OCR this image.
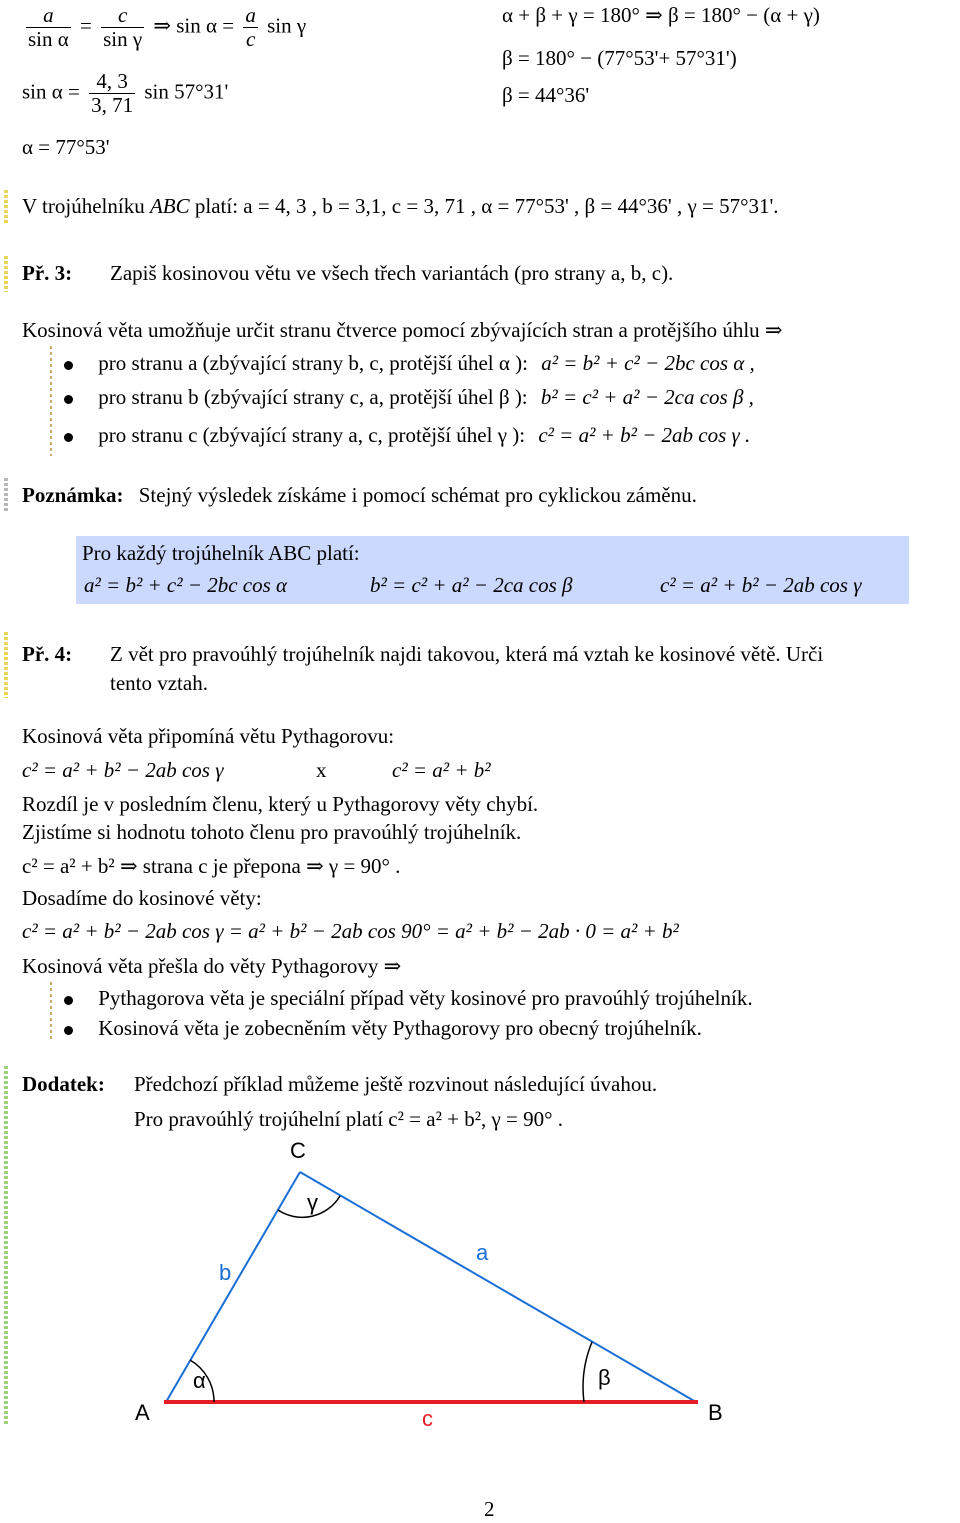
$\frac{a}{\text{sin α}} = \frac{c}{\text{sin γ}}$ ⇒ $\sin \alpha = \frac{a}{c}$ sin γ
$\sin \alpha = \frac{4, 3}{3, 71}$ sin 57°31'
α = 77°53'
α + β + γ = 180° ⇒ β = 180° − (α + γ)
β = 180° − (77°53'+ 57°31')
β = 44°36'
V trojúhelníku ABC platí: a = 4, 3 , b = 3,1, c = 3, 71 , α = 77°53' , β = 44°36' , γ = 57°31'.
Př. 3: Zapiš kosinovou větu ve všech třech variantách (pro strany a, b, c).
Kosinová věta umožňuje určit stranu čtverce pomocí zbývajících stran a protějšího úhlu ⇒
pro stranu a (zbývající strany b, c, protější úhel α ): a² = b² + c² − 2bc cos α ,
pro stranu b (zbývající strany c, a, protější úhel β ): b² = c² + a² − 2ca cos β ,
pro stranu c (zbývající strany a, c, protější úhel γ ): c² = a² + b² − 2ab cos γ .
Poznámka: Stejný výsledek získáme i pomocí schémat pro cyklickou záměnu.
Pro každý trojúhelník ABC platí:
a² = b² + c² − 2bc cos α	b² = c² + a² − 2ca cos β	c² = a² + b² − 2ab cos γ
Př. 4: Z vět pro pravoúhlý trojúhelník najdi takovou, která má vztah ke kosinové větě. Urči
tento vztah.
Kosinová věta připomíná větu Pythagorovu:
c² = a² + b² − 2ab cos γ	x	c² = a² + b²
Rozdíl je v posledním členu, který u Pythagorovy věty chybí.
Zjistíme si hodnotu tohoto členu pro pravoúhlý trojúhelník.
c² = a² + b² ⇒ strana c je přepona ⇒ γ = 90° .
Dosadíme do kosinové věty:
c² = a² + b² − 2ab cos γ = a² + b² − 2ab cos 90° = a² + b² − 2ab · 0 = a² + b²
Kosinová věta přešla do věty Pythagorovy ⇒
Pythagorova věta je speciální případ věty kosinové pro pravoúhlý trojúhelník.
Kosinová věta je zobecněním věty Pythagorovy pro obecný trojúhelník.
Dodatek: Předchozí příklad můžeme ještě rozvinout následující úvahou.
Pro pravoúhlý trojúhelní platí c² = a² + b², γ = 90° .
C
A	B
a
b
c
α	β
γ
2
